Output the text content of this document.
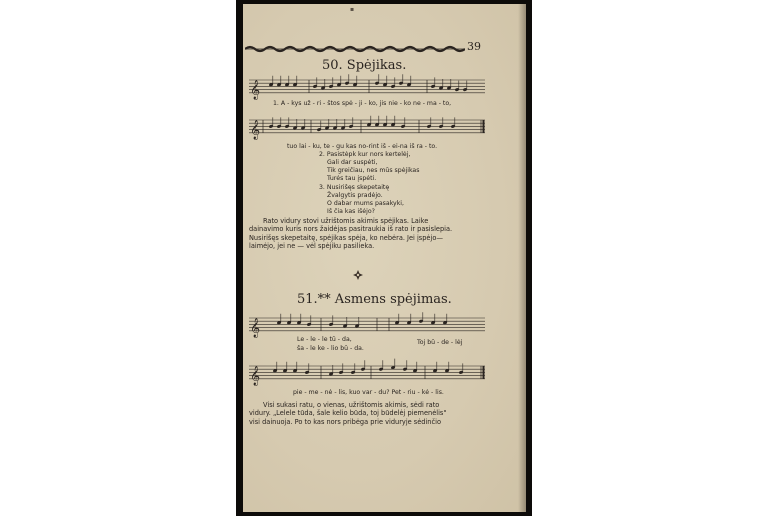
▪
39
50. Spėjikas.
𝄞
1. A - kys už - ri - štos spė - ji - ko, jis nie - ko ne - ma - to,
𝄞
tuo lai - ku, te - gu kas no-rint iš - ei-na iš ra - to.
2. Pasistėpk kur nors kertelėj,
Gali dar suspėti,
Tik greičiau, nes mūs spėjikas
Turės tau įspėti.
3. Nusirišęs skepetaitę
Žvalgytis pradėjo.
O dabar mums pasakyki,
Iš čia kas išėjo?
Rato vidury stovi užrištomis akimis spėjikas. Laike
dainavimo kuris nors žaidėjas pasitraukia iš rato ir pasislepia.
Nusirišęs skepetaitę, spėjikas spėja, ko nebėra. Jei įspėjo—
laimėjo, jei ne — vėl spėjiku pasilieka.
51.** Asmens spėjimas.
𝄞
Le - le - le tū - da,
ša - le ke - lio bū - da.
Toj bū - de - lėj
𝄞
pie - me - nė - lis, kuo var - du? Pet - riu - kė - lis.
Visi sukasi ratu, o vienas, užrištomis akimis, sėdi rato
vidury. „Lelele tūda, šale kelio būda, toj būdelėj piemenėlis"
visi dainuoja. Po to kas nors pribėga prie viduryje sėdinčio
